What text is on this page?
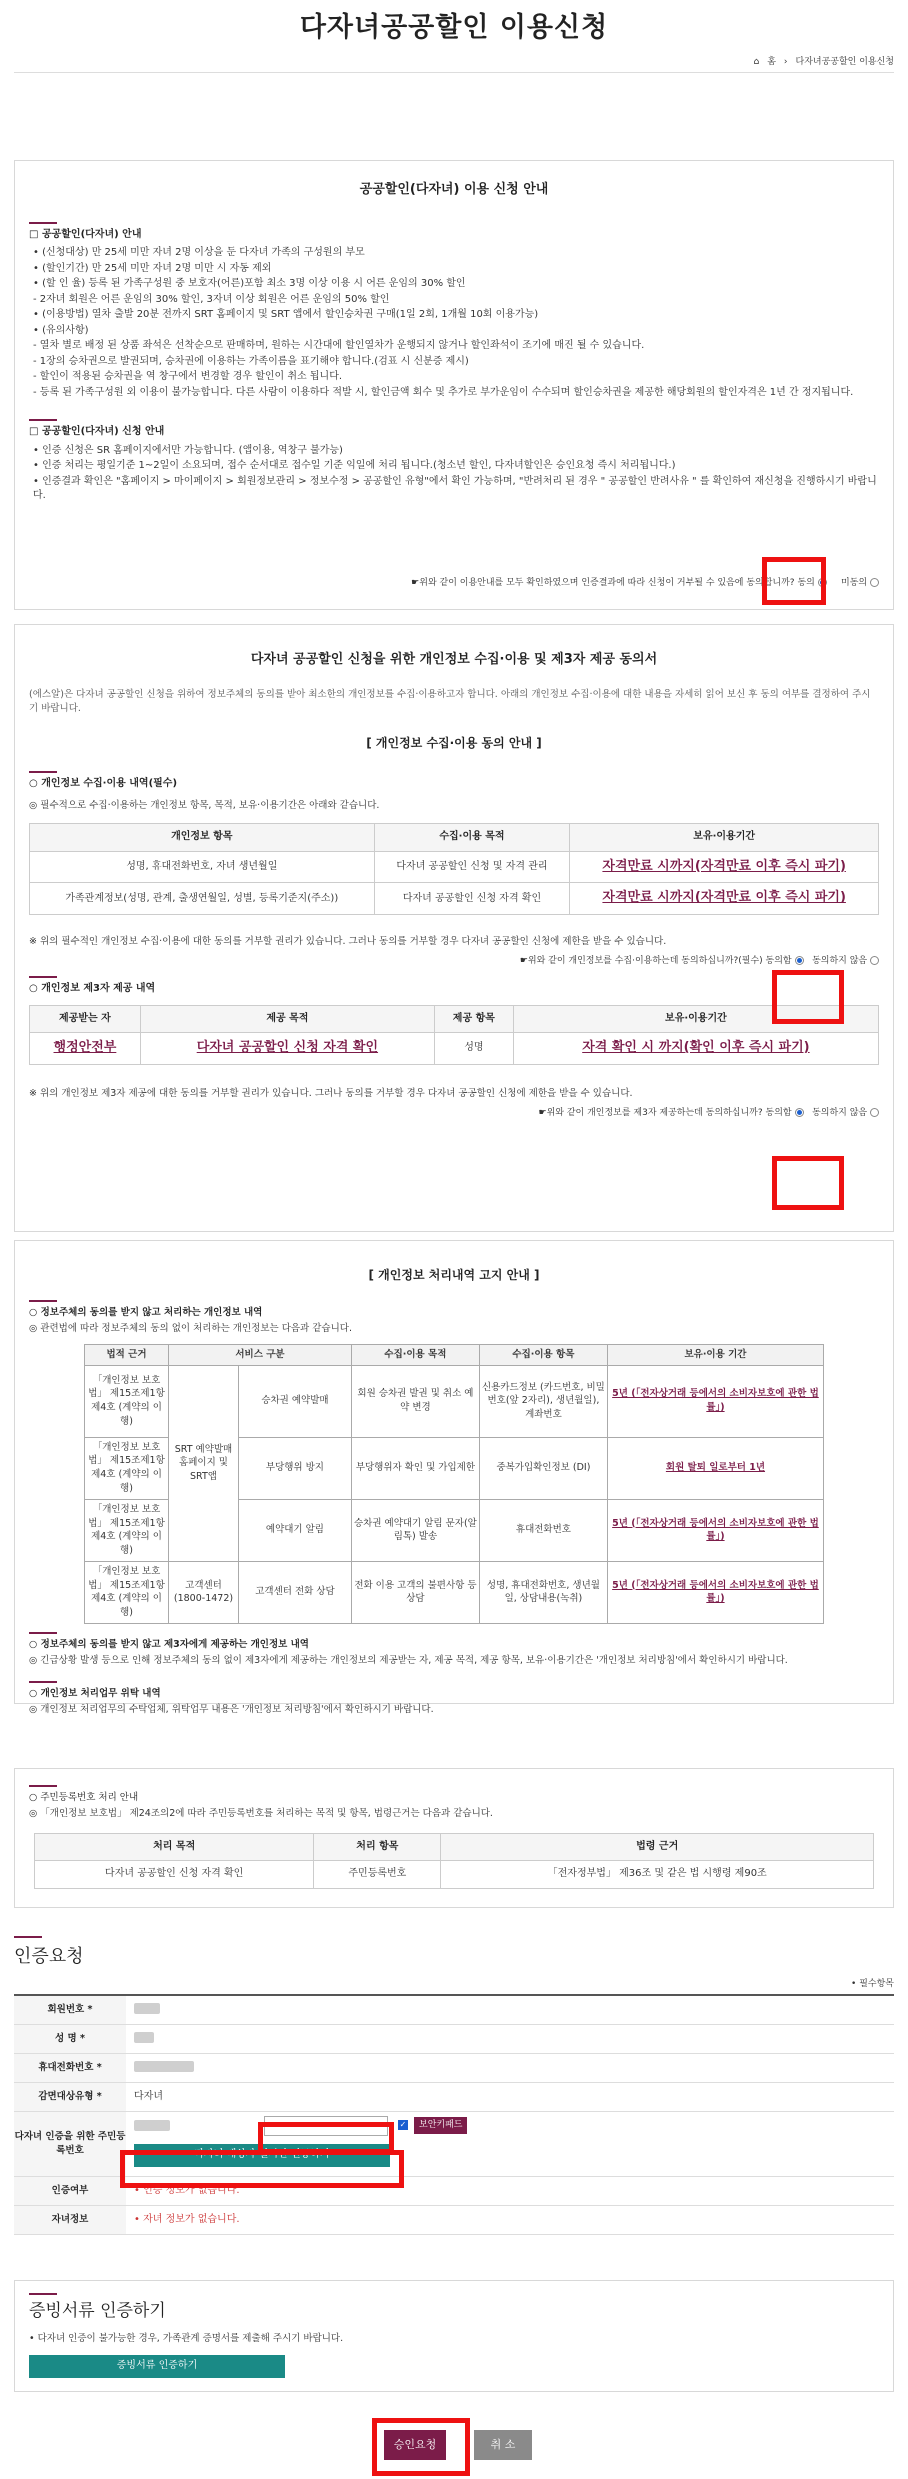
다자녀공공할인 이용신청
⌂ 홈 › 다자녀공공할인 이용신청
공공할인(다자녀) 이용 신청 안내
□ 공공할인(다자녀) 안내
• (신청대상) 만 25세 미만 자녀 2명 이상을 둔 다자녀 가족의 구성원의 부모
• (할인기간) 만 25세 미만 자녀 2명 미만 시 자동 제외
• (할 인 율) 등록 된 가족구성원 중 보호자(어른)포함 최소 3명 이상 이용 시 어른 운임의 30% 할인
- 2자녀 회원은 어른 운임의 30% 할인, 3자녀 이상 회원은 어른 운임의 50% 할인
• (이용방법) 열차 출발 20분 전까지 SRT 홈페이지 및 SRT 앱에서 할인승차권 구매(1일 2회, 1개월 10회 이용가능)
• (유의사항)
- 열차 별로 배정 된 상품 좌석은 선착순으로 판매하며, 원하는 시간대에 할인열차가 운행되지 않거나 할인좌석이 조기에 매진 될 수 있습니다.
- 1장의 승차권으로 발권되며, 승차권에 이용하는 가족이름을 표기해야 합니다.(검표 시 신분증 제시)
- 할인이 적용된 승차권을 역 창구에서 변경할 경우 할인이 취소 됩니다.
- 등록 된 가족구성원 외 이용이 불가능합니다. 다른 사람이 이용하다 적발 시, 할인금액 회수 및 추가로 부가운임이 수수되며 할인승차권을 제공한 해당회원의 할인자격은 1년 간 정지됩니다.
□ 공공할인(다자녀) 신청 안내
• 인증 신청은 SR 홈페이지에서만 가능합니다. (앱이용, 역창구 불가능)
• 인증 처리는 평일기준 1~2일이 소요되며, 접수 순서대로 접수일 기준 익일에 처리 됩니다.(청소년 할인, 다자녀할인은 승인요청 즉시 처리됩니다.)
• 인증결과 확인은 "홈페이지 > 마이페이지 > 회원정보관리 > 정보수정 > 공공할인 유형"에서 확인 가능하며, "반려처리 된 경우 " 공공할인 반려사유 " 를 확인하여 재신청을 진행하시기 바랍니다.
☛위와 같이 이용안내를 모두 확인하였으며 인증결과에 따라 신청이 거부될 수 있음에 동의합니까? 동의	미동의
다자녀 공공할인 신청을 위한 개인정보 수집·이용 및 제3자 제공 동의서
(에스알)은 다자녀 공공할인 신청을 위하여 정보주체의 동의를 받아 최소한의 개인정보를 수집·이용하고자 합니다. 아래의 개인정보 수집·이용에 대한 내용을 자세히 읽어 보신 후 동의 여부를 결정하여 주시기 바랍니다.
[ 개인정보 수집·이용 동의 안내 ]
○ 개인정보 수집·이용 내역(필수)
◎ 필수적으로 수집·이용하는 개인정보 항목, 목적, 보유·이용기간은 아래와 같습니다.
개인정보 항목	수집·이용 목적	보유·이용기간
성명, 휴대전화번호, 자녀 생년월일	다자녀 공공할인 신청 및 자격 관리	자격만료 시까지(자격만료 이후 즉시 파기)
가족관계정보(성명, 관계, 출생연월일, 성별, 등록기준지(주소))	다자녀 공공할인 신청 자격 확인	자격만료 시까지(자격만료 이후 즉시 파기)
※ 위의 필수적인 개인정보 수집·이용에 대한 동의를 거부할 권리가 있습니다. 그러나 동의를 거부할 경우 다자녀 공공할인 신청에 제한을 받을 수 있습니다.
☛위와 같이 개인정보를 수집·이용하는데 동의하십니까?(필수) 동의함 동의하지 않음
○ 개인정보 제3자 제공 내역
제공받는 자	제공 목적	제공 항목	보유·이용기간
행정안전부	다자녀 공공할인 신청 자격 확인	성명	자격 확인 시 까지(확인 이후 즉시 파기)
※ 위의 개인정보 제3자 제공에 대한 동의를 거부할 권리가 있습니다. 그러나 동의를 거부할 경우 다자녀 공공할인 신청에 제한을 받을 수 있습니다.
☛위와 같이 개인정보를 제3자 제공하는데 동의하십니까? 동의함 동의하지 않음
[ 개인정보 처리내역 고지 안내 ]
○ 정보주체의 동의를 받지 않고 처리하는 개인정보 내역
◎ 관련법에 따라 정보주체의 동의 없이 처리하는 개인정보는 다음과 같습니다.
법적 근거	서비스 구분		수집·이용 목적	수집·이용 항목	보유·이용 기간
「개인정보 보호법」 제15조제1항제4호 (계약의 이행)	SRT 예약발매 홈페이지 및 SRT앱	승차권 예약발매	회원 승차권 발권 및 취소 예약 변경	신용카드정보 (카드번호, 비밀번호(앞 2자리), 생년월일), 계좌번호	5년 (「전자상거래 등에서의 소비자보호에 관한 법률」)
「개인정보 보호법」 제15조제1항제4호 (계약의 이행)		부당행위 방지	부당행위자 확인 및 가입제한	중복가입확인정보 (DI)	회원 탈퇴 일로부터 1년
「개인정보 보호법」 제15조제1항제4호 (계약의 이행)		예약대기 알림	승차권 예약대기 알림 문자(알림톡) 발송	휴대전화번호	5년 (「전자상거래 등에서의 소비자보호에 관한 법률」)
「개인정보 보호법」 제15조제1항제4호 (계약의 이행)	고객센터 (1800-1472)	고객센터 전화 상담	전화 이용 고객의 불편사항 등 상담	성명, 휴대전화번호, 생년월일, 상담내용(녹취)	5년 (「전자상거래 등에서의 소비자보호에 관한 법률」)
○ 정보주체의 동의를 받지 않고 제3자에게 제공하는 개인정보 내역
◎ 긴급상황 발생 등으로 인해 정보주체의 동의 없이 제3자에게 제공하는 개인정보의 제공받는 자, 제공 목적, 제공 항목, 보유·이용기간은 '개인정보 처리방침'에서 확인하시기 바랍니다.
○ 개인정보 처리업무 위탁 내역
◎ 개인정보 처리업무의 수탁업체, 위탁업무 내용은 '개인정보 처리방침'에서 확인하시기 바랍니다.
○ 주민등록번호 처리 안내
◎ 「개인정보 보호법」 제24조의2에 따라 주민등록번호를 처리하는 목적 및 항목, 법령근거는 다음과 같습니다.
처리 목적	처리 항목	법령 근거
다자녀 공공할인 신청 자격 확인	주민등록번호	「전자정부법」 제36조 및 같은 법 시행령 제90조
인증요청
• 필수항목
회원번호 *
성 명 *
휴대전화번호 *
감면대상유형 *	다자녀
다자녀 인증을 위한 주민등록번호
✓	보안키패드
다자녀 대상자 실시간 인증하기
인증여부	• 인증 정보가 없습니다.
자녀정보	• 자녀 정보가 없습니다.
증빙서류 인증하기
• 다자녀 인증이 불가능한 경우, 가족관계 증명서를 제출해 주시기 바랍니다.
증빙서류 인증하기
승인요청	취 소
